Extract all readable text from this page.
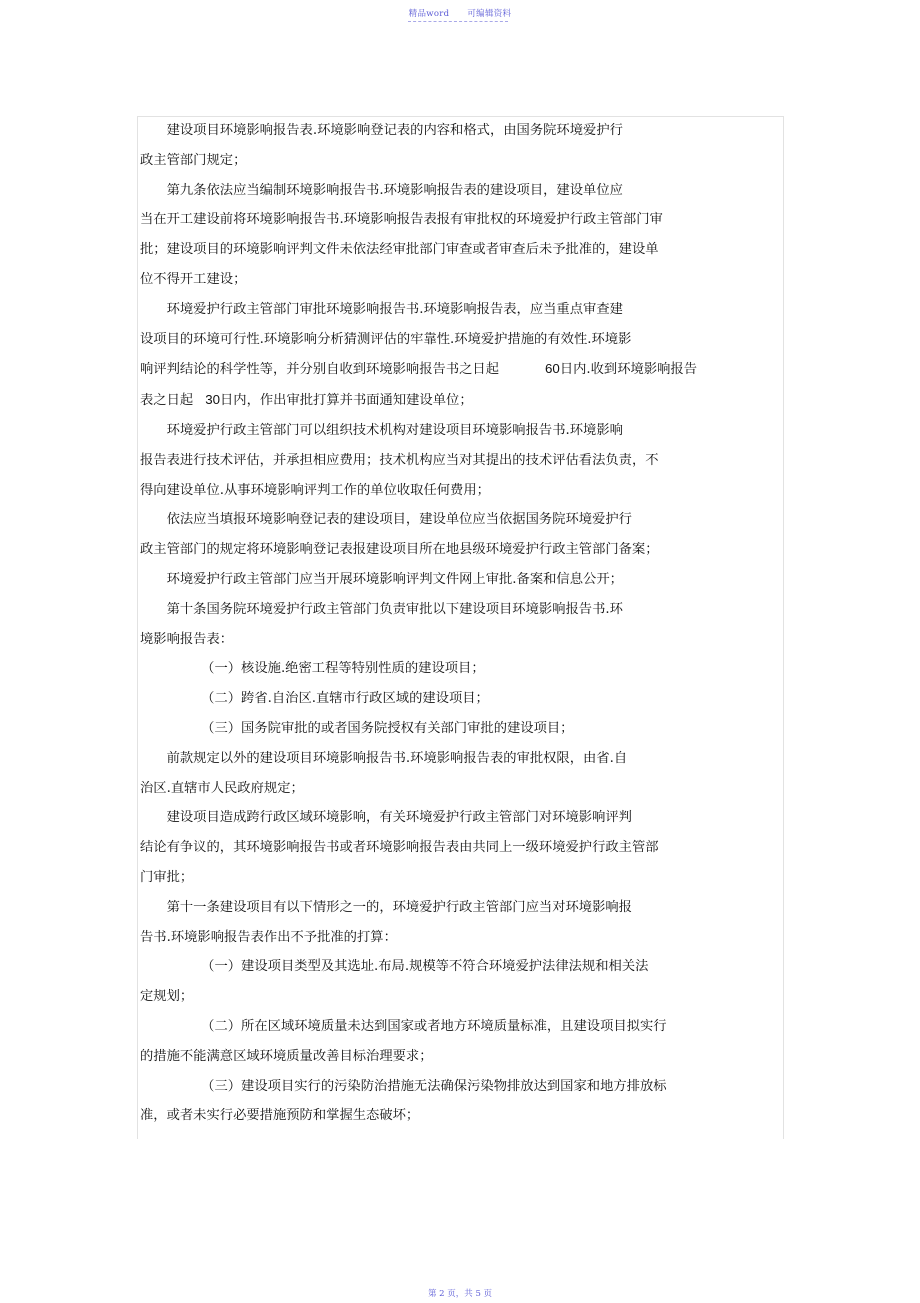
精品word 可编辑资料

建设项目环境影响报告表.环境影响登记表的内容和格式，由国务院环境爱护行

政主管部门规定；

第九条依法应当编制环境影响报告书.环境影响报告表的建设项目，建设单位应

当在开工建设前将环境影响报告书.环境影响报告表报有审批权的环境爱护行政主管部门审

批；建设项目的环境影响评判文件未依法经审批部门审查或者审查后未予批准的，建设单

位不得开工建设；

环境爱护行政主管部门审批环境影响报告书.环境影响报告表，应当重点审查建

设项目的环境可行性.环境影响分析猜测评估的牢靠性.环境爱护措施的有效性.环境影

响评判结论的科学性等，并分别自收到环境影响报告书之日起	60日内.收到环境影响报告

表之日起 30日内，作出审批打算并书面通知建设单位；

环境爱护行政主管部门可以组织技术机构对建设项目环境影响报告书.环境影响

报告表进行技术评估，并承担相应费用；技术机构应当对其提出的技术评估看法负责，不

得向建设单位.从事环境影响评判工作的单位收取任何费用；

依法应当填报环境影响登记表的建设项目，建设单位应当依据国务院环境爱护行

政主管部门的规定将环境影响登记表报建设项目所在地县级环境爱护行政主管部门备案；

环境爱护行政主管部门应当开展环境影响评判文件网上审批.备案和信息公开；

第十条国务院环境爱护行政主管部门负责审批以下建设项目环境影响报告书.环

境影响报告表：

（一）核设施.绝密工程等特别性质的建设项目；

（二）跨省.自治区.直辖市行政区域的建设项目；

（三）国务院审批的或者国务院授权有关部门审批的建设项目；

前款规定以外的建设项目环境影响报告书.环境影响报告表的审批权限，由省.自

治区.直辖市人民政府规定；

建设项目造成跨行政区域环境影响，有关环境爱护行政主管部门对环境影响评判

结论有争议的，其环境影响报告书或者环境影响报告表由共同上一级环境爱护行政主管部

门审批；

第十一条建设项目有以下情形之一的，环境爱护行政主管部门应当对环境影响报

告书.环境影响报告表作出不予批准的打算：

（一）建设项目类型及其选址.布局.规模等不符合环境爱护法律法规和相关法

定规划；

（二）所在区域环境质量未达到国家或者地方环境质量标准，且建设项目拟实行

的措施不能满意区域环境质量改善目标治理要求；

（三）建设项目实行的污染防治措施无法确保污染物排放达到国家和地方排放标

准，或者未实行必要措施预防和掌握生态破坏；

第 2 页，共 5 页
